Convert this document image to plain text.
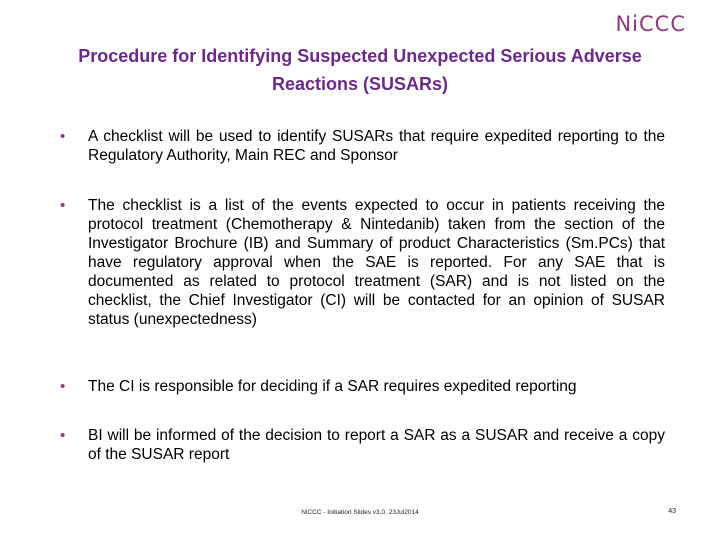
NiCCC
Procedure for Identifying Suspected Unexpected Serious Adverse Reactions (SUSARs)
• A checklist will be used to identify SUSARs that require expedited reporting to the Regulatory Authority, Main REC and Sponsor
• The checklist is a list of the events expected to occur in patients receiving the protocol treatment (Chemotherapy & Nintedanib) taken from the section of the Investigator Brochure (IB) and Summary of product Characteristics (Sm.PCs) that have regulatory approval when the SAE is reported. For any SAE that is documented as related to protocol treatment (SAR) and is not listed on the checklist, the Chief Investigator (CI) will be contacted for an opinion of SUSAR status (unexpectedness)
• The CI is responsible for deciding if a SAR requires expedited reporting
• BI will be informed of the decision to report a SAR as a SUSAR and receive a copy of the SUSAR report
NiCCC - Initiation Slides v3.0, 23Jul2014	43
